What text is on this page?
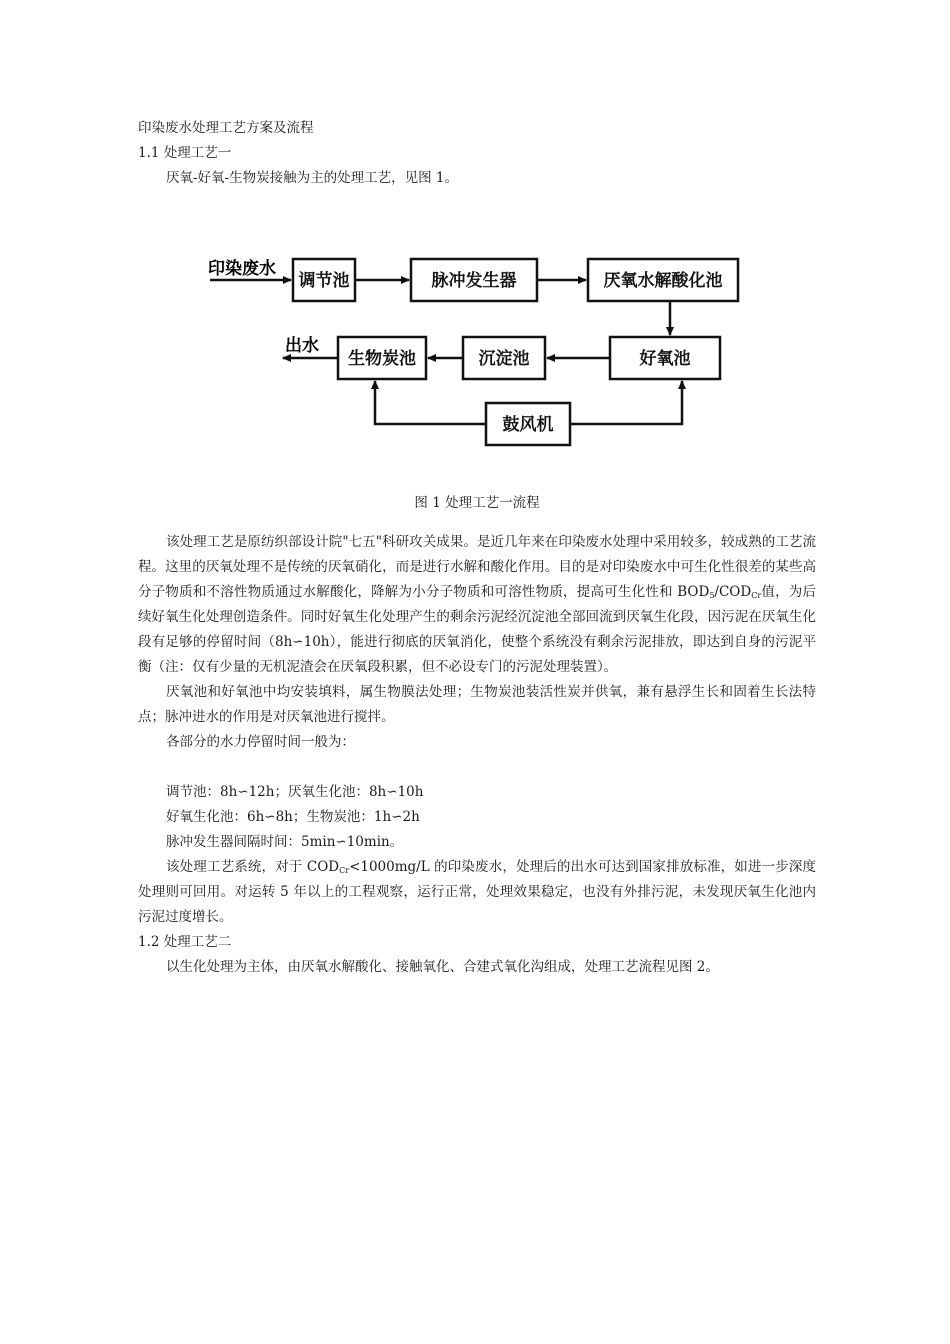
印染废水处理工艺方案及流程
1.1 处理工艺一
厌氧-好氧-生物炭接触为主的处理工艺，见图 1。
印染废水
出水
调节池	脉冲发生器	厌氧水解酸化池
好氧池
沉淀池
生物炭池
鼓风机
图 1 处理工艺一流程
该处理工艺是原纺织部设计院"七五"科研攻关成果。是近几年来在印染废水处理中采用较多，较成熟的工艺流程。这里的厌氧处理不是传统的厌氧硝化，而是进行水解和酸化作用。目的是对印染废水中可生化性很差的某些高分子物质和不溶性物质通过水解酸化，降解为小分子物质和可溶性物质，提高可生化性和 $BOD_5/COD_{Cr}$值，为后续好氧生化处理创造条件。同时好氧生化处理产生的剩余污泥经沉淀池全部回流到厌氧生化段，因污泥在厌氧生化段有足够的停留时间（8h∽10h），能进行彻底的厌氧消化，使整个系统没有剩余污泥排放，即达到自身的污泥平衡（注：仅有少量的无机泥渣会在厌氧段积累，但不必设专门的污泥处理装置）。
厌氧池和好氧池中均安装填料，属生物膜法处理；生物炭池装活性炭并供氧，兼有悬浮生长和固着生长法特点；脉冲进水的作用是对厌氧池进行搅拌。
各部分的水力停留时间一般为：

调节池：8h∽12h；厌氧生化池：8h∽10h
好氧生化池：6h∽8h；生物炭池：1h∽2h
脉冲发生器间隔时间：5min∽10min。
该处理工艺系统，对于 $COD_{Cr}<1000mg/L$ 的印染废水，处理后的出水可达到国家排放标准，如进一步深度处理则可回用。对运转 5 年以上的工程观察，运行正常，处理效果稳定，也没有外排污泥，未发现厌氧生化池内污泥过度增长。
1.2 处理工艺二
以生化处理为主体，由厌氧水解酸化、接触氧化、合建式氧化沟组成，处理工艺流程见图 2。
